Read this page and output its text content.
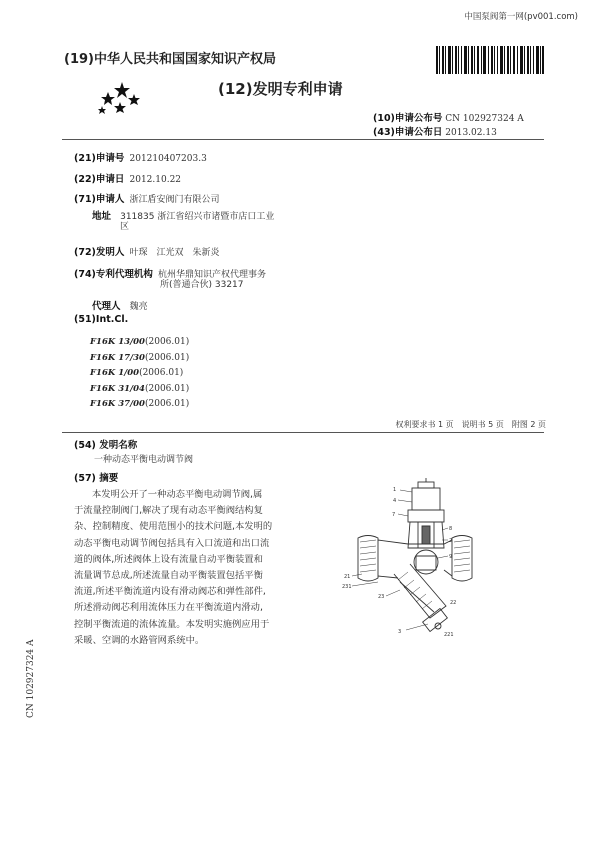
中国泵阀第一网(pv001.com)
(19)中华人民共和国国家知识产权局
(12)发明专利申请
(10)申请公布号 CN 102927324 A
(43)申请公布日 2013.02.13
(21)申请号 201210407203.3
(22)申请日 2012.10.22
(71)申请人 浙江盾安阀门有限公司
地址 311835 浙江省绍兴市诸暨市店口工业
区
(72)发明人 叶琛　江光双　朱新炎
(74)专利代理机构 杭州华鼎知识产权代理事务
所(普通合伙) 33217
代理人 魏亮
(51)Int.Cl.
F16K 13/00(2006.01)
F16K 17/30(2006.01)
F16K 1/00(2006.01)
F16K 31/04(2006.01)
F16K 37/00(2006.01)
权利要求书 1 页　说明书 5 页　附图 2 页
(54) 发明名称
一种动态平衡电动调节阀
(57) 摘要

本发明公开了一种动态平衡电动调节阀,属

于流量控制阀门,解决了现有动态平衡阀结构复

杂、控制精度、使用范围小的技术问题,本发明的

动态平衡电动调节阀包括具有入口流道和出口流

道的阀体,所述阀体上设有流量自动平衡装置和

流量调节总成,所述流量自动平衡装置包括平衡

流道,所述平衡流道内设有滑动阀芯和弹性部件,

所述滑动阀芯利用流体压力在平衡流道内滑动,

控制平衡流道的流体流量。本发明实施例应用于

采暖、空调的水路管网系统中。

1
4
7
8
2
9
21
231
23
22
3	221
CN 102927324 A
